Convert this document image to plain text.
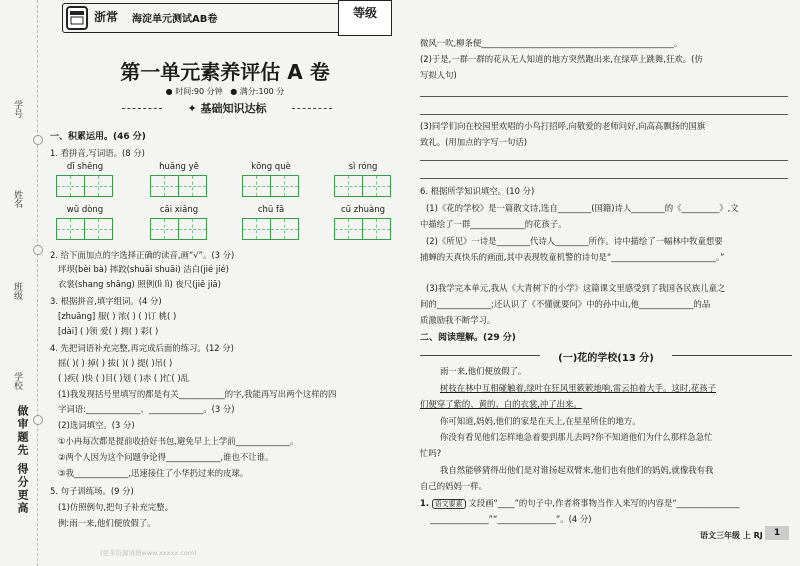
学号
姓名
班级
学校
做审题先 得分更高
浙常 海淀单元测试AB卷	等级
第一单元素养评估 A 卷
● 时间:90 分钟 ● 满分:100 分
✦ 基础知识达标
一、积累运用。(46 分)
1. 看拼音,写词语。(8 分)
dī shēng	huāng yě	kōng què	sì róng
wǔ dòng	cāi xiǎng	chū fā	cū zhuàng
2. 给下面加点的字选择正确的读音,画“√”。(3 分)
坪坝(bèi bà) 摔跤(shuāi shuāi) 洁白(jié jié)
衣裳(shang shāng) 照例(lì lì) 夜尺(jiē jiā)
3. 根据拼音,填字组词。(4 分)
[zhuāng] 服( ) 浓( ) ( )订 桃( )
[dài] ( )领 爱( ) 拥( ) 彩( )
4. 先把词语补充完整,再完成后面的练习。(12 分)
摇( )( ) 掉( ) 拔( )( ) 提( )吊( )
( )疾( )快 ( )目( )划 ( )赤 ( )忙( )乱
(1)我发现括号里填写的都是有关___________的字,我能再写出两个这样的四
字词语:_____________、_____________。(3 分)
(2)选词填空。(3 分)
①小冉每次都是提前收拾好书包,避免早上上学前_____________。
②两个人因为这个问题争论得_____________,谁也不让谁。
③我_____________,迅速接住了小华扔过来的皮球。
5. 句子训练场。(9 分)
(1)仿照例句,把句子补充完整。
例:雨一来,他们便放假了。
(更多资源请搜www.xxxxx.com)
微风一吹,柳条便______________________________________________。
(2)于是,一群一群的花从无人知道的地方突然跑出来,在绿草上跳舞,狂欢。(仿
写拟人句)
(3)同学们向在校园里欢唱的小鸟打招呼,向敬爱的老师问好,向高高飘扬的国旗
致礼。(用加点的字写一句话)
6. 根据所学知识填空。(10 分)
(1)《花的学校》是一篇散文诗,选自________(国籍)诗人________的《_________》,文
中描绘了一群_____________的花孩子。
(2)《所见》一诗是________代诗人________所作。诗中描绘了一幅林中牧童想要
捕蝉的天真快乐的画面,其中表现牧童机警的诗句是“_________________________。”
(3)我学完本单元,我从《大青树下的小学》这篇课文里感受到了我国各民族儿童之
间的_____________;还认识了《不懂就要问》中的孙中山,他_____________的品
质激励我不断学习。
二、阅读理解。(29 分)
(一)花的学校(13 分)
雨一来,他们便放假了。
树枝在林中互相碰触着,绿叶在狂风里簌簌地响,雷云拍着大手。这时,花孩子
们便穿了紫的、黄的、白的衣裳,冲了出来。
你可知道,妈妈,他们的家是在天上,在星星所住的地方。
你没有看见他们怎样地急着要到那儿去吗?你不知道他们为什么那样急急忙
忙吗?
我自然能够猜得出他们是对谁扬起双臂来,他们也有他们的妈妈,就像我有我
自己的妈妈一样。
1. 语文要素 文段画“____”的句子中,作者将事物当作人来写的内容是“_______________
______________”“______________”。(4 分)
语文三年级 上 RJ	1
